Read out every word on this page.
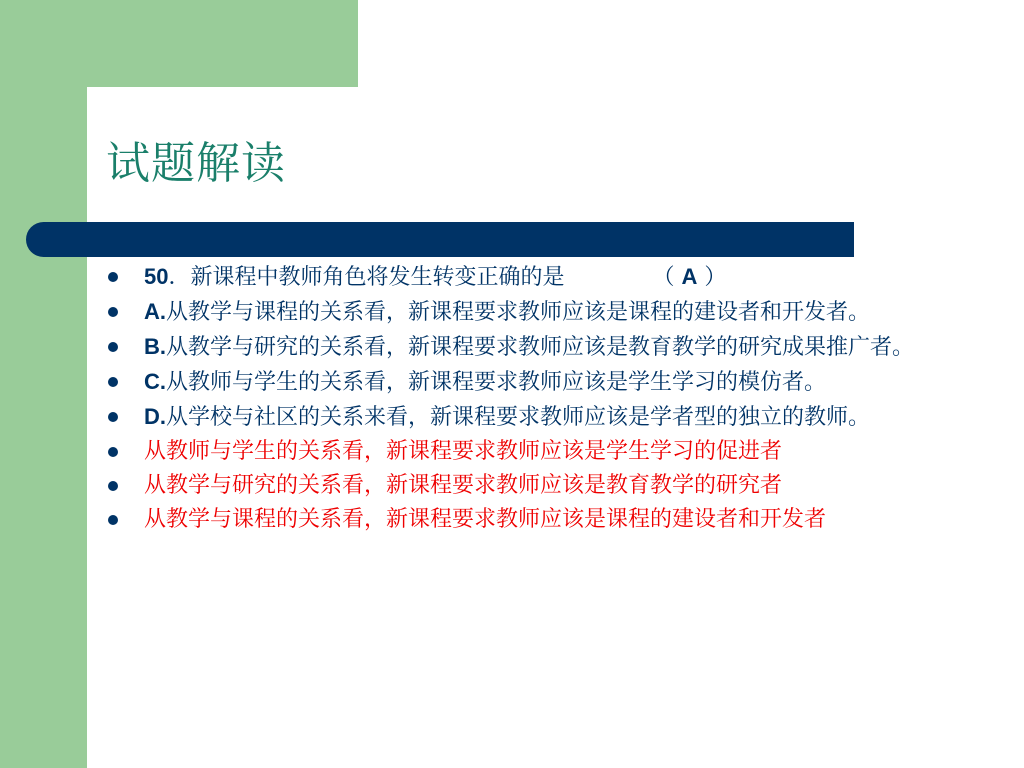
试题解读
50．新课程中教师角色将发生转变正确的是	（ A ）
A.从教学与课程的关系看，新课程要求教师应该是课程的建设者和开发者。
B.从教学与研究的关系看，新课程要求教师应该是教育教学的研究成果推广者。
C.从教师与学生的关系看，新课程要求教师应该是学生学习的模仿者。
D.从学校与社区的关系来看，新课程要求教师应该是学者型的独立的教师。
从教师与学生的关系看，新课程要求教师应该是学生学习的促进者
从教学与研究的关系看，新课程要求教师应该是教育教学的研究者
从教学与课程的关系看，新课程要求教师应该是课程的建设者和开发者
